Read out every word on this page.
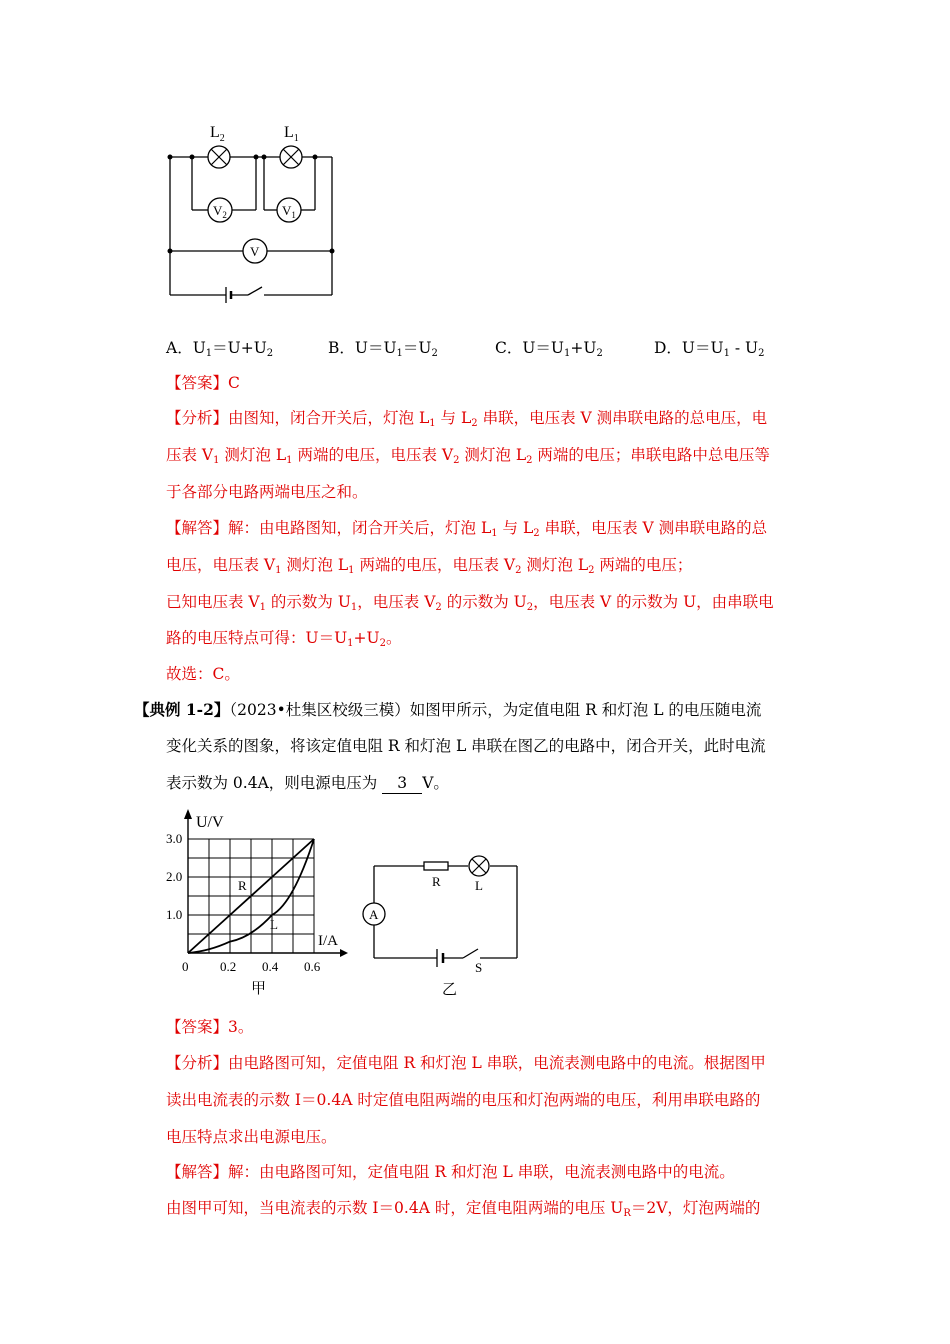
$L_2$	$L_1$
$V_2$	$V_1$
V
A．$U_1=U+U_2$	B．$U=U_1=U_2$	C．$U=U_1+U_2$	D．$U=U_1 - U_2$
【答案】C
【分析】由图知，闭合开关后，灯泡 $L_1$ 与 $L_2$ 串联，电压表 V 测串联电路的总电压，电
压表 $V_1$ 测灯泡 $L_1$ 两端的电压，电压表 $V_2$ 测灯泡 $L_2$ 两端的电压；串联电路中总电压等
于各部分电路两端电压之和。
【解答】解：由电路图知，闭合开关后，灯泡 $L_1$ 与 $L_2$ 串联，电压表 V 测串联电路的总
电压，电压表 $V_1$ 测灯泡 $L_1$ 两端的电压，电压表 $V_2$ 测灯泡 $L_2$ 两端的电压；
已知电压表 $V_1$ 的示数为 $U_1$，电压表 $V_2$ 的示数为 $U_2$，电压表 V 的示数为 U，由串联电
路的电压特点可得：$U=U_1+U_2$。
故选：C。
【典例 1-2】（2023•杜集区校级三模）如图甲所示，为定值电阻 R 和灯泡 L 的电压随电流
变化关系的图象，将该定值电阻 R 和灯泡 L 串联在图乙的电路中，闭合开关，此时电流
表示数为 0.4A，则电源电压为 3 V。
U/V
I/A
3.0
2.0
1.0
0 0.2 0.4 0.6
R
L
甲
A
R	L
S
乙
【答案】3。
【分析】由电路图可知，定值电阻 R 和灯泡 L 串联，电流表测电路中的电流。根据图甲
读出电流表的示数 I＝0.4A 时定值电阻两端的电压和灯泡两端的电压，利用串联电路的
电压特点求出电源电压。
【解答】解：由电路图可知，定值电阻 R 和灯泡 L 串联，电流表测电路中的电流。
由图甲可知，当电流表的示数 I＝0.4A 时，定值电阻两端的电压 $U_R=2V$，灯泡两端的
